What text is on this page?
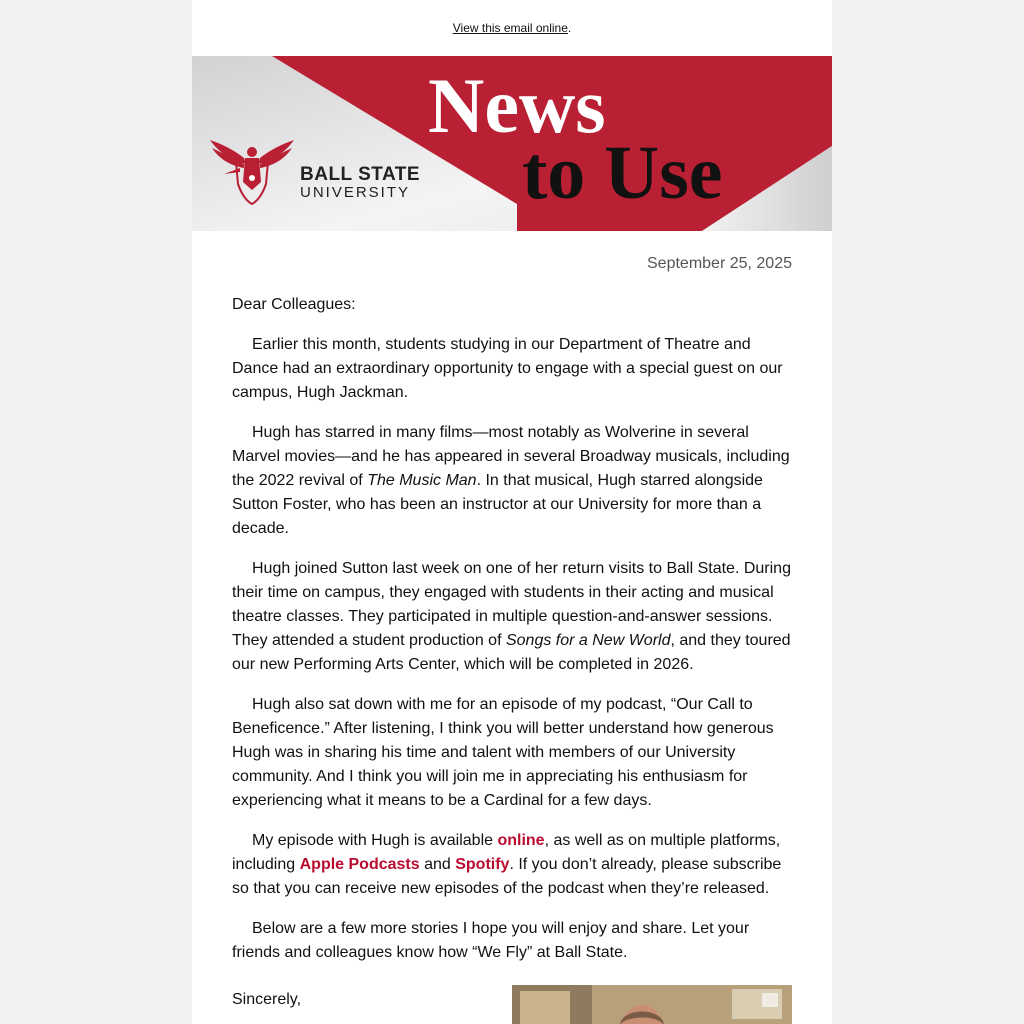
View this email online .
BALL STATE
UNIVERSITY
News
to Use
September 25, 2025
Dear Colleagues:

Earlier this month, students studying in our Department of Theatre and Dance had an extraordinary opportunity to engage with a special guest on our campus, Hugh Jackman.

Hugh has starred in many films—most notably as Wolverine in several Marvel movies—and he has appeared in several Broadway musicals, including the 2022 revival of The Music Man. In that musical, Hugh starred alongside Sutton Foster, who has been an instructor at our University for more than a decade.

Hugh joined Sutton last week on one of her return visits to Ball State. During their time on campus, they engaged with students in their acting and musical theatre classes. They participated in multiple question-and-answer sessions. They attended a student production of Songs for a New World, and they toured our new Performing Arts Center, which will be completed in 2026.

Hugh also sat down with me for an episode of my podcast, “Our Call to Beneficence.” After listening, I think you will better understand how generous Hugh was in sharing his time and talent with members of our University community. And I think you will join me in appreciating his enthusiasm for experiencing what it means to be a Cardinal for a few days.

My episode with Hugh is available online, as well as on multiple platforms, including Apple Podcasts and Spotify. If you don’t already, please subscribe so that you can receive new episodes of the podcast when they’re released.

Below are a few more stories I hope you will enjoy and share. Let your friends and colleagues know how “We Fly” at Ball State.

Sincerely,
